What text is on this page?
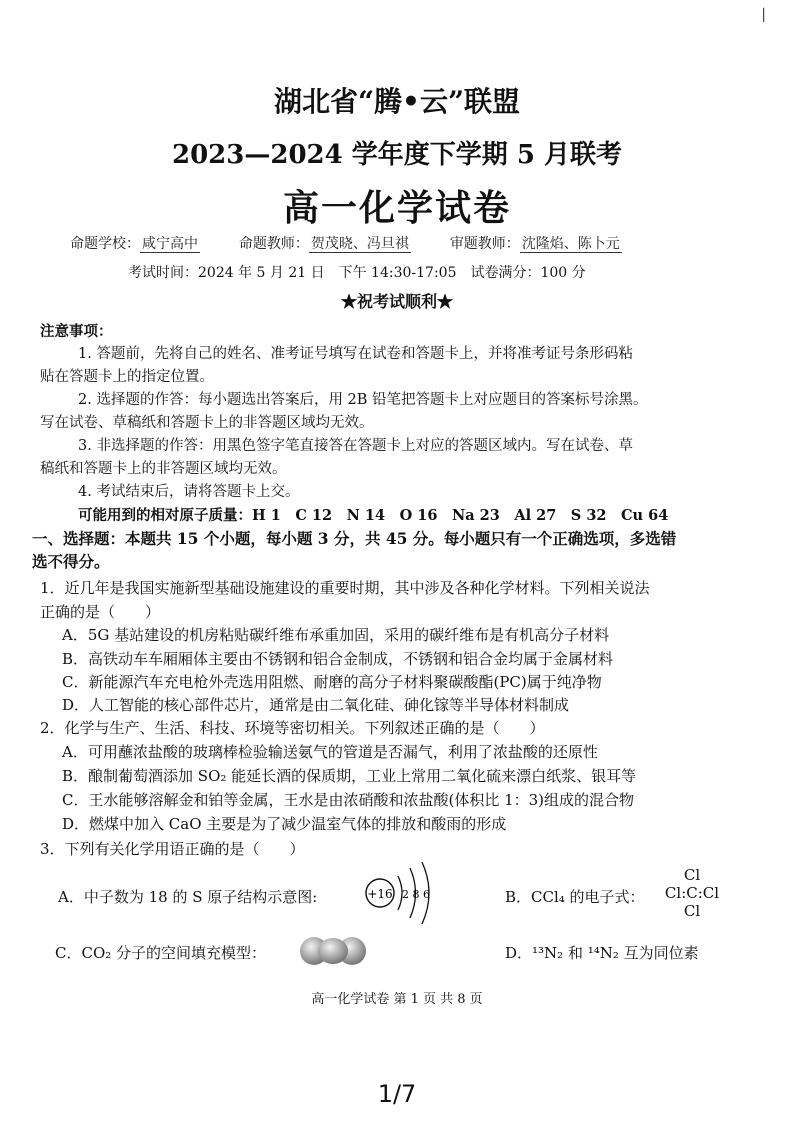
▕
湖北省“腾•云”联盟
2023—2024 学年度下学期 5 月联考
高一化学试卷
命题学校： 咸宁高中	命题教师： 贺茂晓、冯旦祺	审题教师： 沈隆焰、陈卜元
考试时间：2024 年 5 月 21 日　下午 14:30-17:05　试卷满分：100 分
★祝考试顺利★
注意事项：
1. 答题前，先将自己的姓名、准考证号填写在试卷和答题卡上，并将准考证号条形码粘
贴在答题卡上的指定位置。
2. 选择题的作答：每小题选出答案后，用 2B 铅笔把答题卡上对应题目的答案标号涂黑。
写在试卷、草稿纸和答题卡上的非答题区域均无效。
3. 非选择题的作答：用黑色签字笔直接答在答题卡上对应的答题区域内。写在试卷、草
稿纸和答题卡上的非答题区域均无效。
4. 考试结束后，请将答题卡上交。
可能用到的相对原子质量：H 1　C 12　N 14　O 16　Na 23　Al 27　S 32　Cu 64
一、选择题：本题共 15 个小题，每小题 3 分，共 45 分。每小题只有一个正确选项，多选错
选不得分。
1．近几年是我国实施新型基础设施建设的重要时期，其中涉及各种化学材料。下列相关说法
正确的是（　　）
A．5G 基站建设的机房粘贴碳纤维布承重加固，采用的碳纤维布是有机高分子材料
B．高铁动车车厢厢体主要由不锈钢和铝合金制成，不锈钢和铝合金均属于金属材料
C．新能源汽车充电枪外壳选用阻燃、耐磨的高分子材料聚碳酸酯(PC)属于纯净物
D．人工智能的核心部件芯片，通常是由二氧化硅、砷化镓等半导体材料制成
2．化学与生产、生活、科技、环境等密切相关。下列叙述正确的是（　　）
A．可用蘸浓盐酸的玻璃棒检验输送氨气的管道是否漏气，利用了浓盐酸的还原性
B．酿制葡萄酒添加 SO₂ 能延长酒的保质期，工业上常用二氧化硫来漂白纸浆、银耳等
C．王水能够溶解金和铂等金属，王水是由浓硝酸和浓盐酸(体积比 1：3)组成的混合物
D．燃煤中加入 CaO 主要是为了减少温室气体的排放和酸雨的形成
3．下列有关化学用语正确的是（　　）
A．中子数为 18 的 S 原子结构示意图:	+16 2 8 6	B．CCl₄ 的电子式：
Cl
Cl:C:Cl
Cl
C．CO₂ 分子的空间填充模型：	D．¹³N₂ 和 ¹⁴N₂ 互为同位素
高一化学试卷 第 1 页 共 8 页
1/7
